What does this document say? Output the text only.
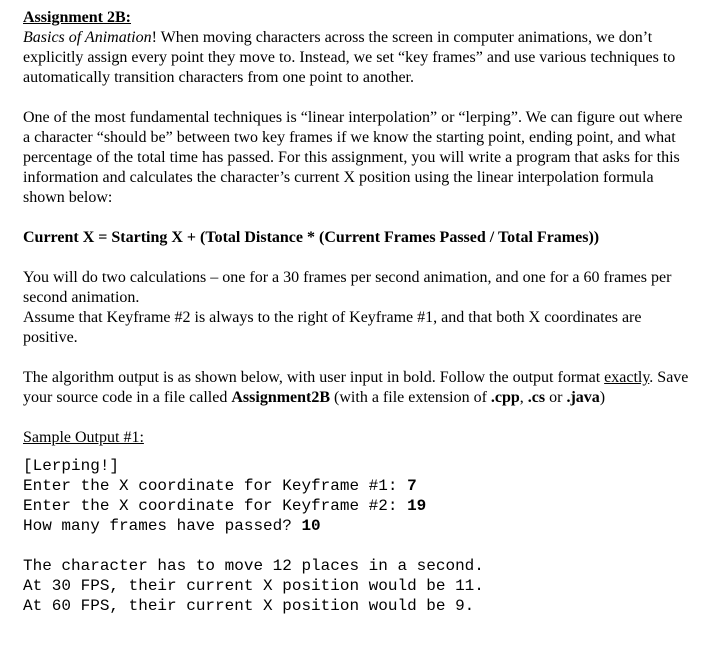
Assignment 2B:

Basics of Animation! When moving characters across the screen in computer animations, we don’t explicitly assign every point they move to. Instead, we set “key frames” and use various techniques to automatically transition characters from one point to another.

One of the most fundamental techniques is “linear interpolation” or “lerping”. We can figure out where a character “should be” between two key frames if we know the starting point, ending point, and what percentage of the total time has passed. For this assignment, you will write a program that asks for this information and calculates the character’s current X position using the linear interpolation formula shown below:

Current X = Starting X + (Total Distance * (Current Frames Passed / Total Frames))

You will do two calculations – one for a 30 frames per second animation, and one for a 60 frames per second animation.

Assume that Keyframe #2 is always to the right of Keyframe #1, and that both X coordinates are positive.

The algorithm output is as shown below, with user input in bold. Follow the output format exactly. Save your source code in a file called Assignment2B (with a file extension of .cpp, .cs or .java)

Sample Output #1:

[Lerping!]

Enter the X coordinate for Keyframe #1: 7

Enter the X coordinate for Keyframe #2: 19

How many frames have passed? 10

The character has to move 12 places in a second.

At 30 FPS, their current X position would be 11.

At 60 FPS, their current X position would be 9.
